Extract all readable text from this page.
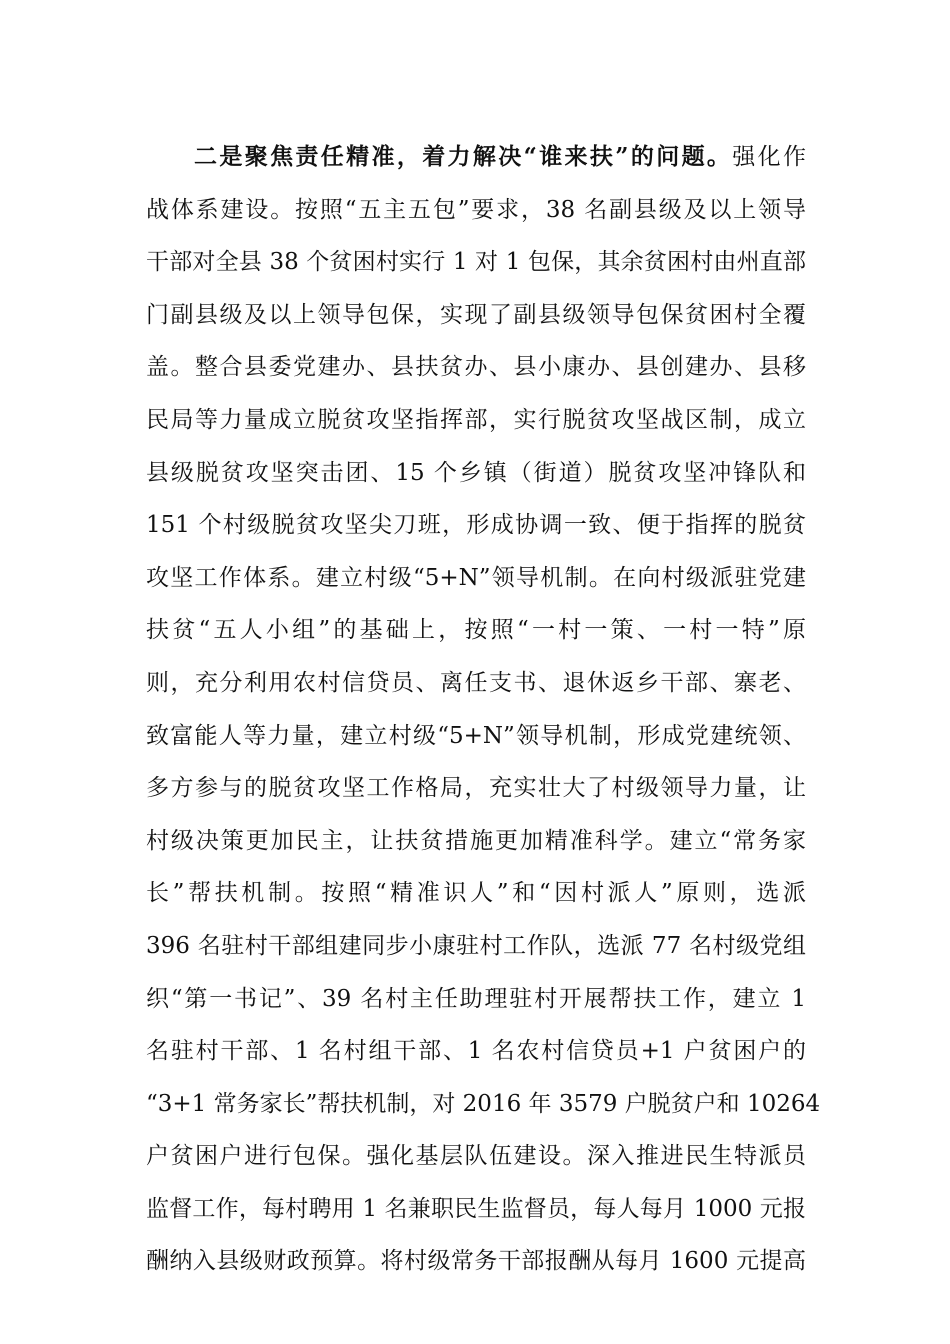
二是聚焦责任精准，着力解决“谁来扶”的问题。强化作
战体系建设。按照“五主五包”要求，38 名副县级及以上领导
干部对全县 38 个贫困村实行 1 对 1 包保，其余贫困村由州直部
门副县级及以上领导包保，实现了副县级领导包保贫困村全覆
盖。整合县委党建办、县扶贫办、县小康办、县创建办、县移
民局等力量成立脱贫攻坚指挥部，实行脱贫攻坚战区制，成立
县级脱贫攻坚突击团、15 个乡镇（街道）脱贫攻坚冲锋队和
151 个村级脱贫攻坚尖刀班，形成协调一致、便于指挥的脱贫
攻坚工作体系。建立村级“5+N”领导机制。在向村级派驻党建
扶贫“五人小组”的基础上，按照“一村一策、一村一特”原
则，充分利用农村信贷员、离任支书、退休返乡干部、寨老、
致富能人等力量，建立村级“5+N”领导机制，形成党建统领、
多方参与的脱贫攻坚工作格局，充实壮大了村级领导力量，让
村级决策更加民主，让扶贫措施更加精准科学。建立“常务家
长”帮扶机制。按照“精准识人”和“因村派人”原则，选派
396 名驻村干部组建同步小康驻村工作队，选派 77 名村级党组
织“第一书记”、39 名村主任助理驻村开展帮扶工作，建立 1
名驻村干部、1 名村组干部、1 名农村信贷员+1 户贫困户的
“3+1 常务家长”帮扶机制，对 2016 年 3579 户脱贫户和 10264
户贫困户进行包保。强化基层队伍建设。深入推进民生特派员
监督工作，每村聘用 1 名兼职民生监督员，每人每月 1000 元报
酬纳入县级财政预算。将村级常务干部报酬从每月 1600 元提高
